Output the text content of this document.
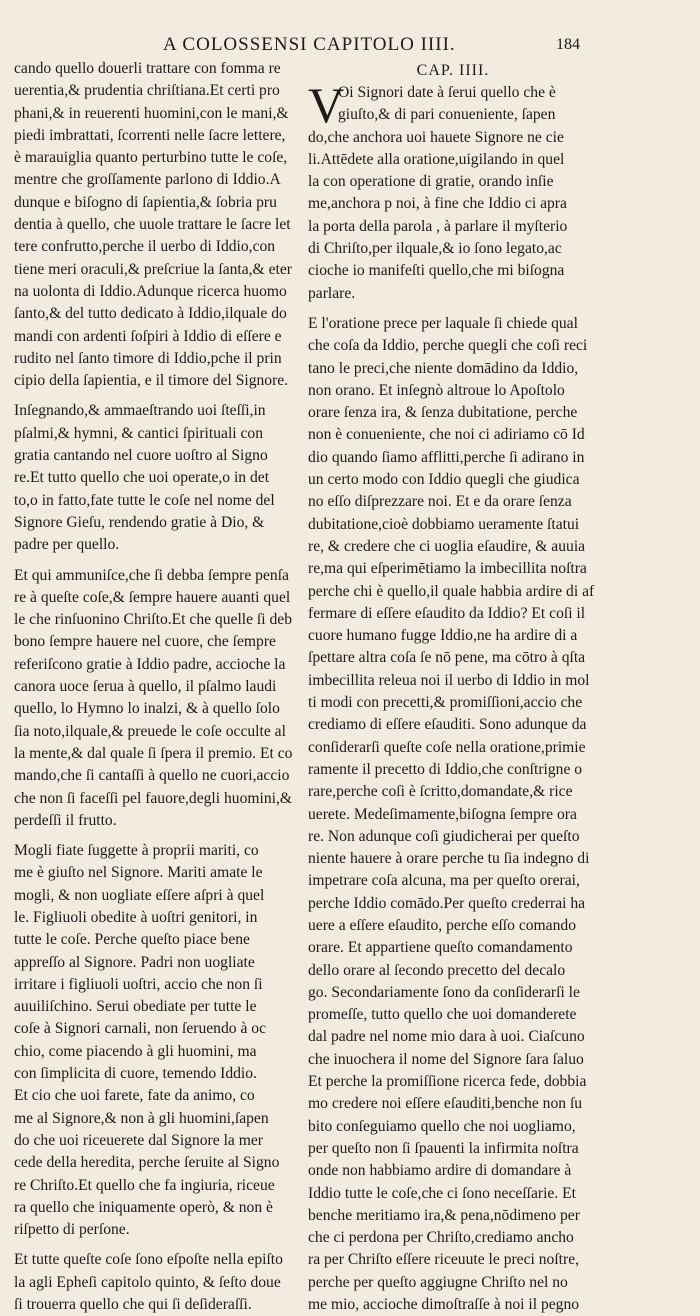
A COLOSSENSI CAPITOLO IIII.	184
cando quello douerli trattare con fomma re
uerentia,& prudentia chriſtiana.Et certi pro
phani,& in reuerenti huomini,con le mani,&
piedi imbrattati, ſcorrenti nelle ſacre lettere,
è marauiglia quanto perturbino tutte le coſe,
mentre che groſſamente parlono di Iddio.A
dunque e biſogno di ſapientia,& ſobria pru
dentia à quello, che uuole trattare le ſacre let
tere confrutto,perche il uerbo di Iddio,con
tiene meri oraculi,& preſcriue la ſanta,& eter
na uolonta di Iddio.Adunque ricerca huomo
ſanto,& del tutto dedicato à Iddio,ilquale do
mandi con ardenti ſoſpiri à Iddio di eſſere e
rudito nel ſanto timore di Iddio,pche il prin
cipio della ſapientia, e il timore del Signore.
Inſegnando,& ammaeſtrando uoi ſteſſi,in
pſalmi,& hymni, & cantici ſpirituali con
gratia cantando nel cuore uoſtro al Signo
re.Et tutto quello che uoi operate,o in det
to,o in fatto,fate tutte le coſe nel nome del
Signore Gieſu, rendendo gratie à Dio, &
padre per quello.
Et qui ammuniſce,che ſi debba ſempre penſa
re à queſte coſe,& ſempre hauere auanti quel
le che rinſuonino Chriſto.Et che quelle ſi deb
bono ſempre hauere nel cuore, che ſempre
referiſcono gratie à Iddio padre, accioche la
canora uoce ſerua à quello, il pſalmo laudi
quello, lo Hymno lo inalzi, & à quello ſolo
ſia noto,ilquale,& preuede le coſe occulte al
la mente,& dal quale ſi ſpera il premio. Et co
mando,che ſi cantaſſi à quello ne cuori,accio
che non ſi faceſſi pel fauore,degli huomini,&
perdeſſi il frutto.
Mogli fiate ſuggette à proprii mariti, co
me è giuſto nel Signore. Mariti amate le
mogli, & non uogliate eſſere aſpri à quel
le. Figliuoli obedite à uoſtri genitori, in
tutte le coſe. Perche queſto piace bene
appreſſo al Signore. Padri non uogliate
irritare i figliuoli uoſtri, accio che non ſi
auuiliſchino. Serui obediate per tutte le
coſe à Signori carnali, non ſeruendo à oc
chio, come piacendo à gli huomini, ma
con ſimplicita di cuore, temendo Iddio.
Et cio che uoi farete, fate da animo, co
me al Signore,& non à gli huomini,ſapen
do che uoi riceuerete dal Signore la mer
cede della heredita, perche ſeruite al Signo
re Chriſto.Et quello che fa ingiuria, riceue
ra quello che iniquamente operò, & non è
riſpetto di perſone.
Et tutte queſte coſe ſono eſpoſte nella epiſto
la agli Epheſi capitolo quinto, & ſeſto doue
ſi trouerra quello che qui ſi deſideraſſi.
CAP. IIII.
V
Oi Signori date à ſerui quello che è
giuſto,& di pari conueniente, ſapen
do,che anchora uoi hauete Signore ne cie
li.Attēdete alla oratione,uigilando in quel
la con operatione di gratie, orando inſie
me,anchora p noi, à fine che Iddio ci apra
la porta della parola , à parlare il myſterio
di Chriſto,per ilquale,& io ſono legato,ac
cioche io manifeſti quello,che mi biſogna
parlare.
E l'oratione prece per laquale ſi chiede qual
che coſa da Iddio, perche quegli che coſi reci
tano le preci,che niente domādino da Iddio,
non orano. Et inſegnò altroue lo Apoſtolo
orare ſenza ira, & ſenza dubitatione, perche
non è conueniente, che noi ci adiriamo cō Id
dio quando ſiamo afflitti,perche ſi adirano in
un certo modo con Iddio quegli che giudica
no eſſo diſprezzare noi. Et e da orare ſenza
dubitatione,cioè dobbiamo ueramente ſtatui
re, & credere che ci uoglia eſaudire, & auuia
re,ma qui eſperimētiamo la imbecillita noſtra
perche chi è quello,il quale habbia ardire di af
fermare di eſſere eſaudito da Iddio? Et coſi il
cuore humano fugge Iddio,ne ha ardire di a
ſpettare altra coſa ſe nō pene, ma cōtro à qſta
imbecillita releua noi il uerbo di Iddio in mol
ti modi con precetti,& promiſſioni,accio che
crediamo di eſſere eſauditi. Sono adunque da
conſiderarſi queſte coſe nella oratione,primie
ramente il precetto di Iddio,che conſtrigne o
rare,perche coſi è ſcritto,domandate,& rice
uerete. Medeſimamente,biſogna ſempre ora
re. Non adunque coſi giudicherai per queſto
niente hauere à orare perche tu ſia indegno di
impetrare coſa alcuna, ma per queſto orerai,
perche Iddio comādo.Per queſto crederrai ha
uere a eſſere eſaudito, perche eſſo comando
orare. Et appartiene queſto comandamento
dello orare al ſecondo precetto del decalo
go. Secondariamente ſono da conſiderarſi le
promeſſe, tutto quello che uoi domanderete
dal padre nel nome mio dara à uoi. Ciaſcuno
che inuochera il nome del Signore ſara ſaluo
Et perche la promiſſione ricerca fede, dobbia
mo credere noi eſſere eſauditi,benche non ſu
bito conſeguiamo quello che noi uogliamo,
per queſto non ſi ſpauenti la infirmita noſtra
onde non habbiamo ardire di domandare à
Iddio tutte le coſe,che ci ſono neceſſarie. Et
benche meritiamo ira,& pena,nōdimeno per
che ci perdona per Chriſto,crediamo ancho
ra per Chriſto eſſere riceuute le preci noſtre,
perche per queſto aggiugne Chriſto nel no
me mio, accioche dimoſtraſſe à noi il pegno
